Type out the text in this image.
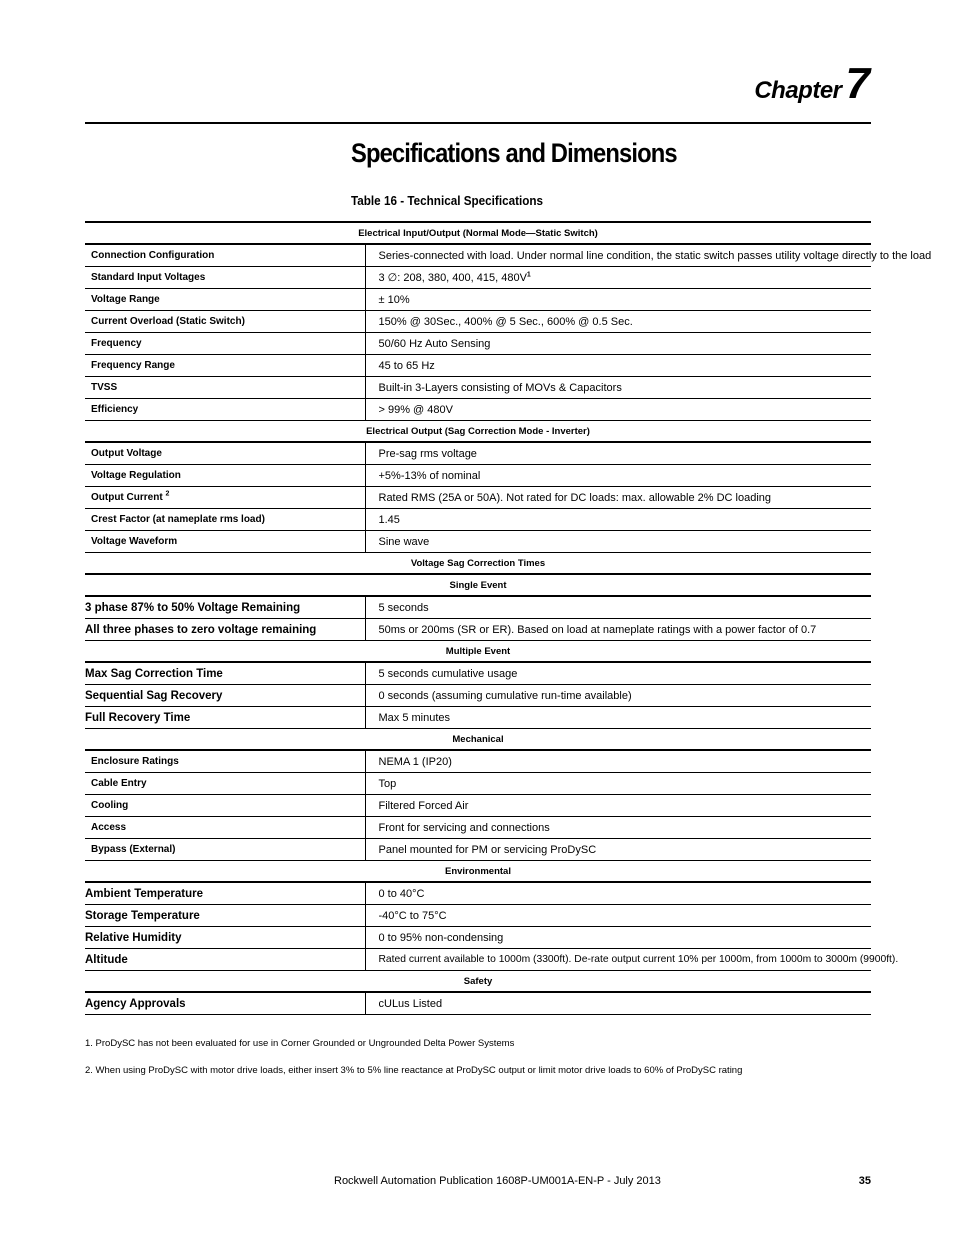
Chapter 7
Specifications and Dimensions
Table 16 - Technical Specifications
Electrical Input/Output (Normal Mode—Static Switch)	
Connection Configuration	Series-connected with load. Under normal line condition, the static switch passes utility voltage directly to the load
Standard Input Voltages	3 ∅: 208, 380, 400, 415, $480V^1$
Voltage Range	± 10%
Current Overload (Static Switch)	150% @ 30Sec., 400% @ 5 Sec., 600% @ 0.5 Sec.
Frequency	50/60 Hz Auto Sensing
Frequency Range	45 to 65 Hz
TVSS	Built-in 3-Layers consisting of MOVs & Capacitors
Efficiency	> 99% @ 480V
Electrical Output (Sag Correction Mode - Inverter)	
Output Voltage	Pre-sag rms voltage
Voltage Regulation	+5%-13% of nominal
Output Current $^2$	Rated RMS (25A or 50A). Not rated for DC loads: max. allowable 2% DC loading
Crest Factor (at nameplate rms load)	1.45
Voltage Waveform	Sine wave
Voltage Sag Correction Times	
Single Event	
3 phase 87% to 50% Voltage Remaining	5 seconds
All three phases to zero voltage remaining	50ms or 200ms (SR or ER). Based on load at nameplate ratings with a power factor of 0.7
Multiple Event	
Max Sag Correction Time	5 seconds cumulative usage
Sequential Sag Recovery	0 seconds (assuming cumulative run-time available)
Full Recovery Time	Max 5 minutes
Mechanical	
Enclosure Ratings	NEMA 1 (IP20)
Cable Entry	Top
Cooling	Filtered Forced Air
Access	Front for servicing and connections
Bypass (External)	Panel mounted for PM or servicing ProDySC
Environmental	
Ambient Temperature	0 to 40°C
Storage Temperature	-40°C to 75°C
Relative Humidity	0 to 95% non-condensing
Altitude	Rated current available to 1000m (3300ft). De-rate output current 10% per 1000m, from 1000m to 3000m (9900ft).
Safety	
Agency Approvals	cULus Listed

1. ProDySC has not been evaluated for use in Corner Grounded or Ungrounded Delta Power Systems

2. When using ProDySC with motor drive loads, either insert 3% to 5% line reactance at ProDySC output or limit motor drive loads to 60% of ProDySC rating

Rockwell Automation Publication 1608P-UM001A-EN-P - July 2013	35
